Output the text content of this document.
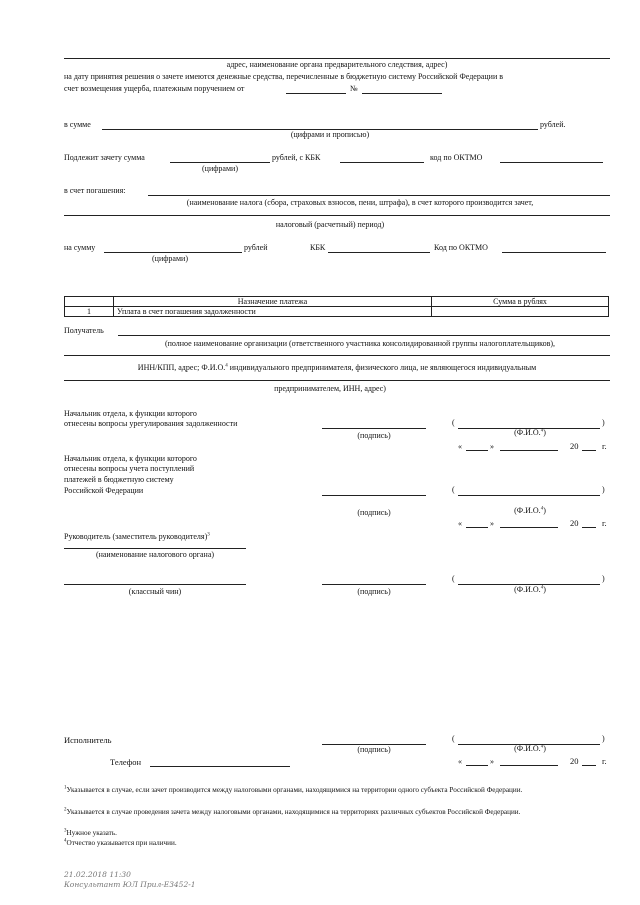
адрес, наименование органа предварительного следствия, адрес)
на дату принятия решения о зачете имеются денежные средства, перечисленные в бюджетную систему Российской Федерации в
счет возмещения ущерба, платежным поручением от	№
в сумме	рублей.
(цифрами и прописью)
Подлежит зачету сумма	рублей, с КБК	код по ОКТМО
(цифрами)
в счет погашения:
(наименование налога (сбора, страховых взносов, пени, штрафа), в счет которого производится зачет,
налоговый (расчетный) период)
на сумму	рублей	КБК	Код по ОКТМО
(цифрами)
	Назначение платежа	Сумма в рублях
1	Уплата в счет погашения задолженности	
Получатель
(полное наименование организации (ответственного участника консолидированной группы налогоплательщиков),
ИНН/КПП, адрес; Ф.И.О.$^4$ индивидуального предпринимателя, физического лица, не являющегося индивидуальным
предпринимателем, ИНН, адрес)
Начальник отдела, к функции которого
отнесены вопросы урегулирования задолженности	(	)
(подпись)	(Ф.И.О.$^4$)
«	»	20	г.
Начальник отдела, к функции которого
отнесены вопросы учета поступлений
платежей в бюджетную систему
Российской Федерации	(	)
(подпись)	(Ф.И.О.$^4$)
«	»	20	г.
Руководитель (заместитель руководителя)$^3$
(наименование налогового органа)
(классный чин)	(подпись)
(	)
(Ф.И.О.$^4$)
Исполнитель
(подпись)
(	)
(Ф.И.О.$^4$)
Телефон	«	»	20	г.
$^1$Указывается в случае, если зачет производится между налоговыми органами, находящимися на территории одного субъекта Российской Федерации.
$^2$Указывается в случае проведения зачета между налоговыми органами, находящимися на территориях различных субъектов Российской Федерации.
$^3$Нужное указать.
$^4$Отчество указывается при наличии.
21.02.2018 11:30
Консультант ЮЛ Прил-ЕЗ452-1
